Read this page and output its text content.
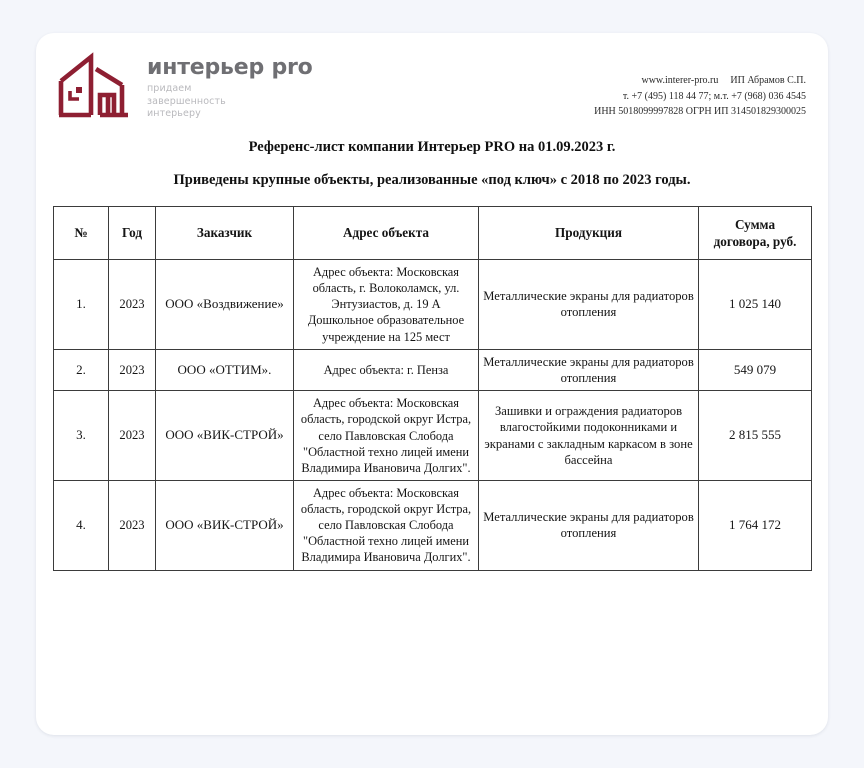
интерьер pro
придаем
завершенность
интерьеру
www.interer-pro.ru ИП Абрамов С.П.
т. +7 (495) 118 44 77; м.т. +7 (968) 036 4545
ИНН 5018099997828 ОГРН ИП 314501829300025
Референс-лист компании Интерьер PRO на 01.09.2023 г.
Приведены крупные объекты, реализованные «под ключ» с 2018 по 2023 годы.
№	Год	Заказчик	Адрес объекта	Продукция	Сумма
договора, руб.

1.	2023	ООО «Воздвижение»	Адрес объекта: Московская область, г. Волоколамск, ул. Энтузиастов, д. 19 А Дошкольное образовательное учреждение на 125 мест	Металлические экраны для радиаторов отопления	1 025 140
2.	2023	ООО «ОТТИМ».	Адрес объекта: г. Пенза	Металлические экраны для радиаторов отопления	549 079
3.	2023	ООО «ВИК-СТРОЙ»	Адрес объекта: Московская область, городской округ Истра, село Павловская Слобода "Областной техно лицей имени Владимира Ивановича Долгих".	Зашивки и ограждения радиаторов влагостойкими подоконниками и экранами с закладным каркасом в зоне бассейна	2 815 555
4.	2023	ООО «ВИК-СТРОЙ»	Адрес объекта: Московская область, городской округ Истра, село Павловская Слобода "Областной техно лицей имени Владимира Ивановича Долгих".	Металлические экраны для радиаторов отопления	1 764 172
